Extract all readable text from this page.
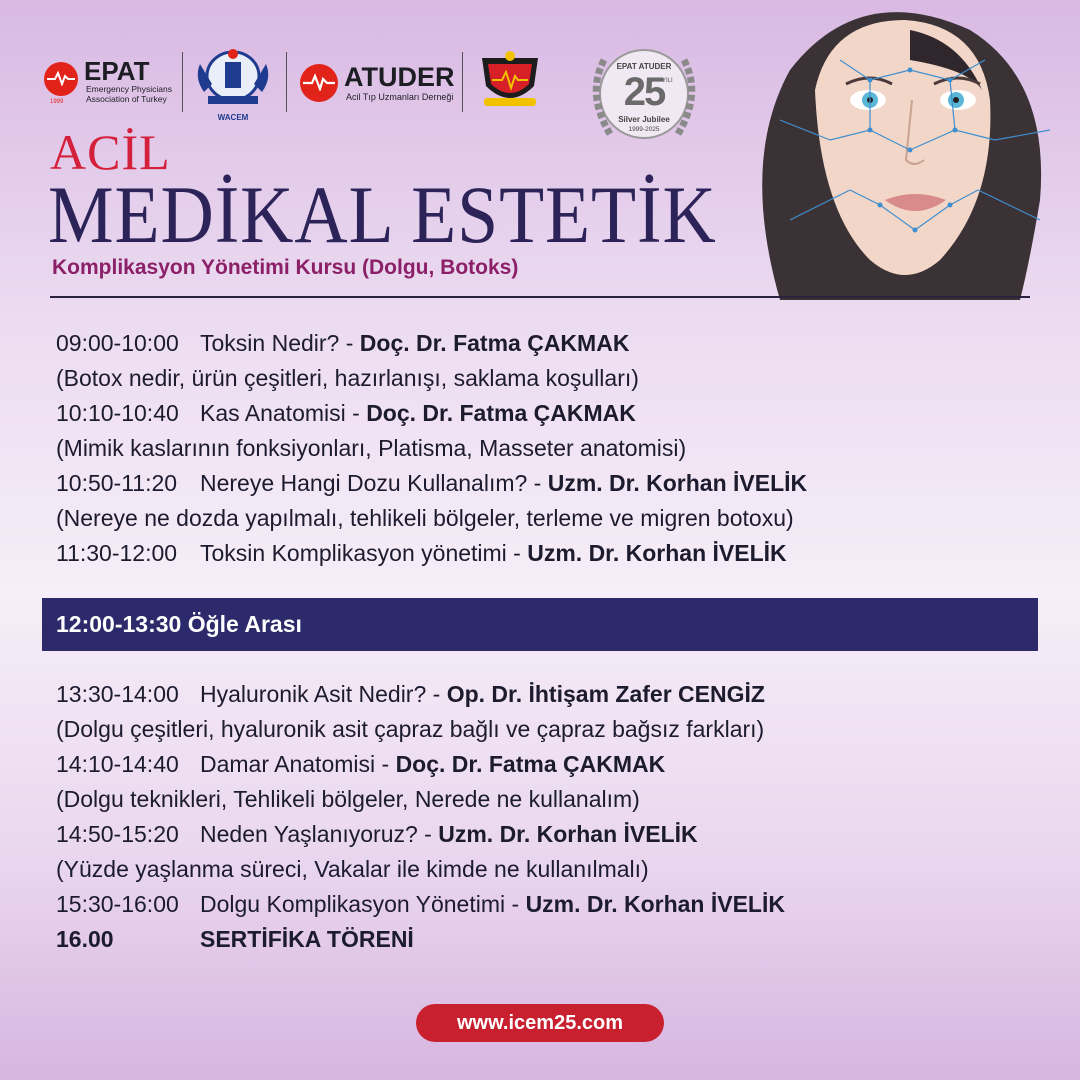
EPAT
Emergency Physicians
Association of Turkey
1999
WACEM
ATUDER
Acil Tıp Uzmanları Derneği
EPAT ATUDER
25
YILI
Silver Jubilee
1999-2025
ACİL
MEDİKAL ESTETİK
Komplikasyon Yönetimi Kursu (Dolgu, Botoks)
09:00-10:00 Toksin Nedir? - Doç. Dr. Fatma ÇAKMAK
(Botox nedir, ürün çeşitleri, hazırlanışı, saklama koşulları)
10:10-10:40 Kas Anatomisi - Doç. Dr. Fatma ÇAKMAK
(Mimik kaslarının fonksiyonları, Platisma, Masseter anatomisi)
10:50-11:20 Nereye Hangi Dozu Kullanalım? - Uzm. Dr. Korhan İVELİK
(Nereye ne dozda yapılmalı, tehlikeli bölgeler, terleme ve migren botoxu)
11:30-12:00 Toksin Komplikasyon yönetimi - Uzm. Dr. Korhan İVELİK
12:00-13:30 Öğle Arası
13:30-14:00 Hyaluronik Asit Nedir? - Op. Dr. İhtişam Zafer CENGİZ
(Dolgu çeşitleri, hyaluronik asit çapraz bağlı ve çapraz bağsız farkları)
14:10-14:40 Damar Anatomisi - Doç. Dr. Fatma ÇAKMAK
(Dolgu teknikleri, Tehlikeli bölgeler, Nerede ne kullanalım)
14:50-15:20 Neden Yaşlanıyoruz? - Uzm. Dr. Korhan İVELİK
(Yüzde yaşlanma süreci, Vakalar ile kimde ne kullanılmalı)
15:30-16:00 Dolgu Komplikasyon Yönetimi - Uzm. Dr. Korhan İVELİK
16.00	SERTİFİKA TÖRENİ
www.icem25.com
